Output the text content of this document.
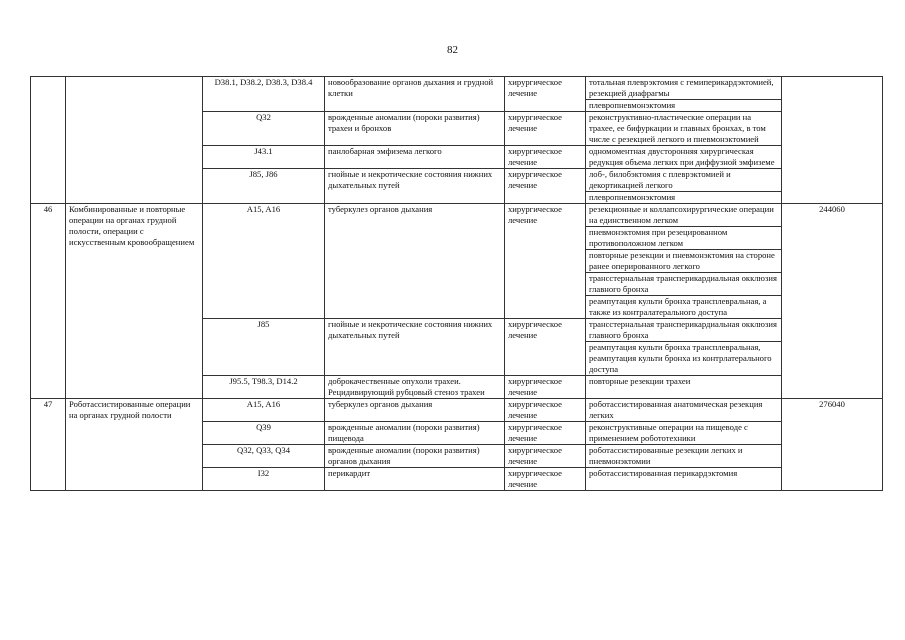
82
		D38.1, D38.2, D38.3, D38.4	новообразование органов дыхания и грудной клетки	хирургическое лечение	тотальная плеврэктомия с гемиперикардэктомией, резекцией диафрагмы	
					плевропневмонэктомия	
		Q32	врожденные аномалии (пороки развития) трахеи и бронхов	хирургическое лечение	реконструктивно-пластические операции на трахее, ее бифуркации и главных бронхах, в том числе с резекцией легкого и пневмонэктомией	
		J43.1	панлобарная эмфизема легкого	хирургическое лечение	одномоментная двусторонняя хирургическая редукция объема легких при диффузной эмфиземе	
		J85, J86	гнойные и некротические состояния нижних дыхательных путей	хирургическое лечение	лоб-, билобэктомия с плеврэктомией и декортикацией легкого	
					плевропневмонэктомия	
46	Комбинированные и повторные операции на органах грудной полости, операции с искусственным кровообращением	A15, A16	туберкулез органов дыхания	хирургическое лечение	резекционные и коллапсохирургические операции на единственном легком	244060
					пневмонэктомия при резецированном противоположном легком	
					повторные резекции и пневмонэктомия на стороне ранее оперированного легкого	
					трансстернальная трансперикардиальная окклюзия главного бронха	
					реампутация культи бронха трансплевральная, а также из контралатерального доступа	
		J85	гнойные и некротические состояния нижних дыхательных путей	хирургическое лечение	трансстернальная трансперикардиальная окклюзия главного бронха	
					реампутация культи бронха трансплевральная, реампутация культи бронха из контрлатерального доступа	
		J95.5, T98.3, D14.2	доброкачественные опухоли трахеи. Рецидивирующий рубцовый стеноз трахеи	хирургическое лечение	повторные резекции трахеи	
47	Роботассистированные операции на органах грудной полости	A15, A16	туберкулез органов дыхания	хирургическое лечение	роботассистированная анатомическая резекция легких	276040
		Q39	врожденные аномалии (пороки развития) пищевода	хирургическое лечение	реконструктивные операции на пищеводе с применением робототехники	
		Q32, Q33, Q34	врожденные аномалии (пороки развития) органов дыхания	хирургическое лечение	роботассистированные резекции легких и пневмонэктомии	
		I32	перикардит	хирургическое лечение	роботассистированная перикардэктомия	
